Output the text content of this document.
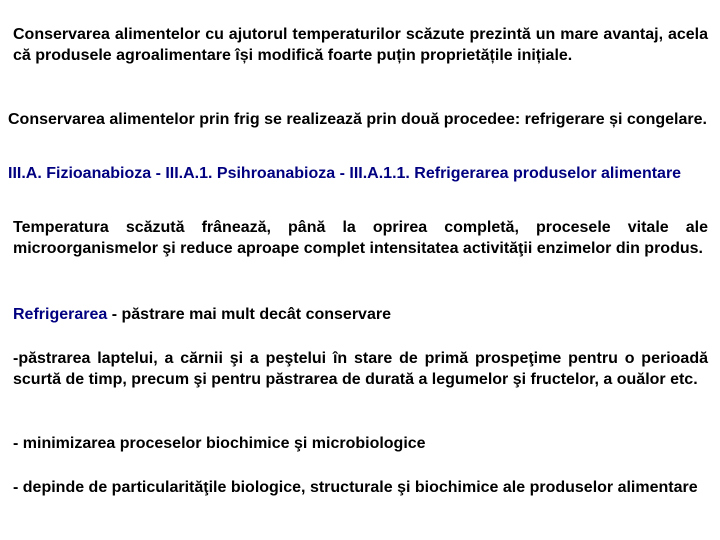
Conservarea alimentelor cu ajutorul temperaturilor scăzute prezintă un mare avantaj, acela că produsele agroalimentare își modifică foarte puțin proprietățile inițiale.

Conservarea alimentelor prin frig se realizează prin două procedee: refrigerare și congelare.

III.A. Fizioanabioza - III.A.1. Psihroanabioza - III.A.1.1. Refrigerarea produselor alimentare

Temperatura scăzută frânează, până la oprirea completă, procesele vitale ale microorganismelor şi reduce aproape complet intensitatea activităţii enzimelor din produs.

Refrigerarea - păstrare mai mult decât conservare

-păstrarea laptelui, a cărnii şi a peştelui în stare de primă prospeţime pentru o perioadă scurtă de timp, precum şi pentru păstrarea de durată a legumelor şi fructelor, a ouălor etc.

- minimizarea proceselor biochimice şi microbiologice

- depinde de particularităţile biologice, structurale şi biochimice ale produselor alimentare
